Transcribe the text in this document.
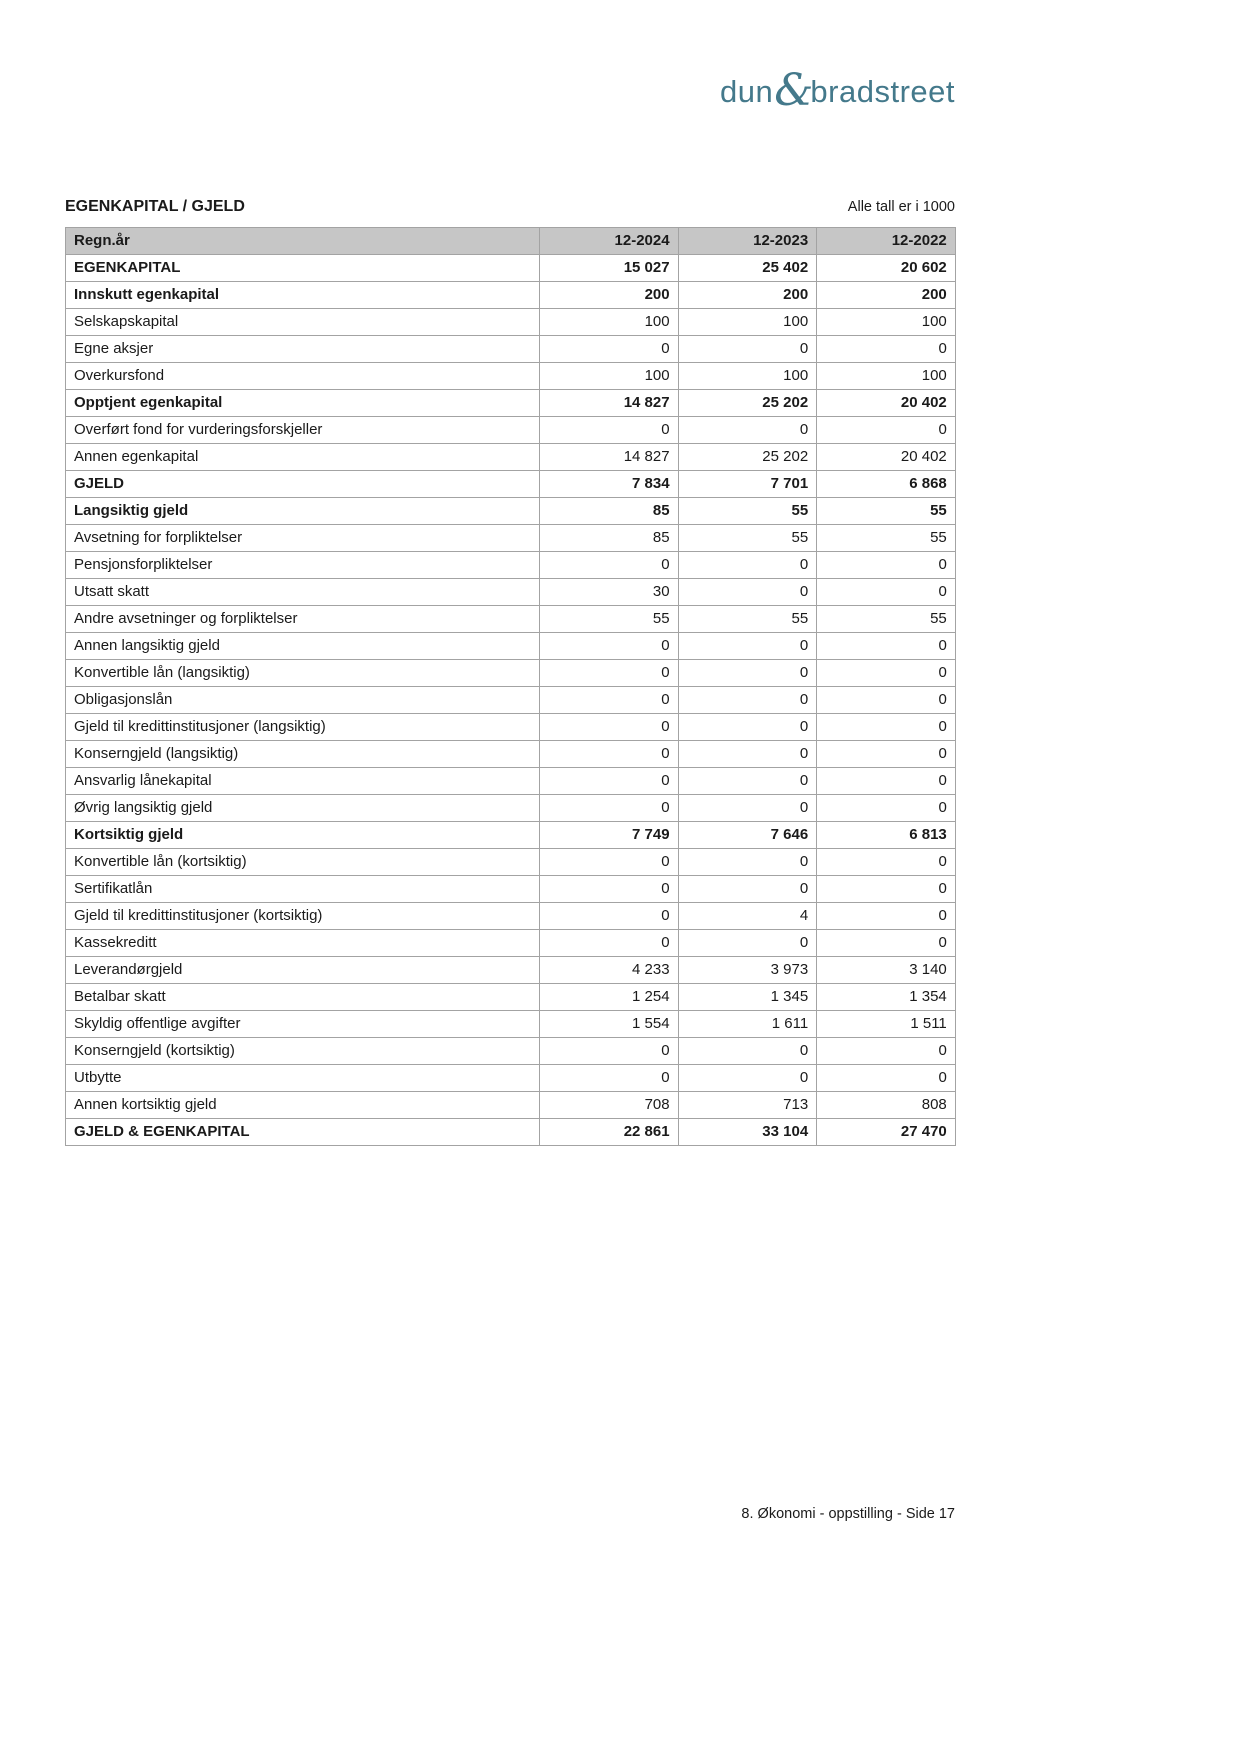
dun &
bradstreet
EGENKAPITAL / GJELD	Alle tall er i 1000
Regn.år	12-2024	12-2023	12-2022
EGENKAPITAL	15 027	25 402	20 602
Innskutt egenkapital	200	200	200
Selskapskapital	100	100	100
Egne aksjer	0	0	0
Overkursfond	100	100	100
Opptjent egenkapital	14 827	25 202	20 402
Overført fond for vurderingsforskjeller	0	0	0
Annen egenkapital	14 827	25 202	20 402
GJELD	7 834	7 701	6 868
Langsiktig gjeld	85	55	55
Avsetning for forpliktelser	85	55	55
Pensjonsforpliktelser	0	0	0
Utsatt skatt	30	0	0
Andre avsetninger og forpliktelser	55	55	55
Annen langsiktig gjeld	0	0	0
Konvertible lån (langsiktig)	0	0	0
Obligasjonslån	0	0	0
Gjeld til kredittinstitusjoner (langsiktig)	0	0	0
Konserngjeld (langsiktig)	0	0	0
Ansvarlig lånekapital	0	0	0
Øvrig langsiktig gjeld	0	0	0
Kortsiktig gjeld	7 749	7 646	6 813
Konvertible lån (kortsiktig)	0	0	0
Sertifikatlån	0	0	0
Gjeld til kredittinstitusjoner (kortsiktig)	0	4	0
Kassekreditt	0	0	0
Leverandørgjeld	4 233	3 973	3 140
Betalbar skatt	1 254	1 345	1 354
Skyldig offentlige avgifter	1 554	1 611	1 511
Konserngjeld (kortsiktig)	0	0	0
Utbytte	0	0	0
Annen kortsiktig gjeld	708	713	808
GJELD & EGENKAPITAL	22 861	33 104	27 470
8. Økonomi - oppstilling - Side 17
